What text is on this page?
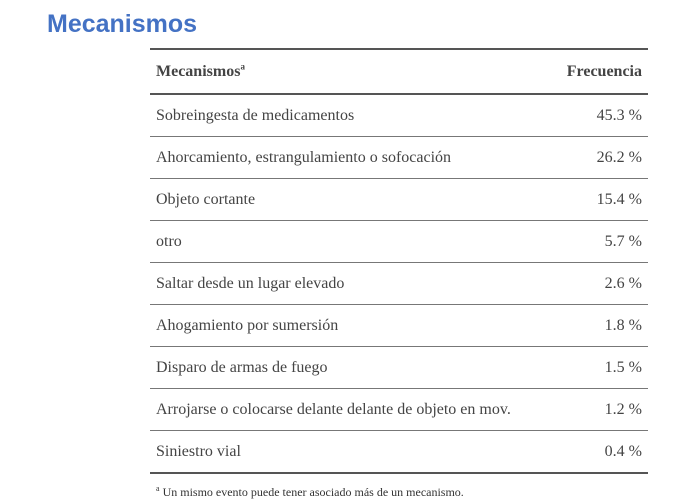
Mecanismos
Mecanismos$^a$	Frecuencia
Sobreingesta de medicamentos	45.3 %
Ahorcamiento, estrangulamiento o sofocación	26.2 %
Objeto cortante	15.4 %
otro	5.7 %
Saltar desde un lugar elevado	2.6 %
Ahogamiento por sumersión	1.8 %
Disparo de armas de fuego	1.5 %
Arrojarse o colocarse delante delante de objeto en mov.	1.2 %
Siniestro vial	0.4 %
$^a$ Un mismo evento puede tener asociado más de un mecanismo.
